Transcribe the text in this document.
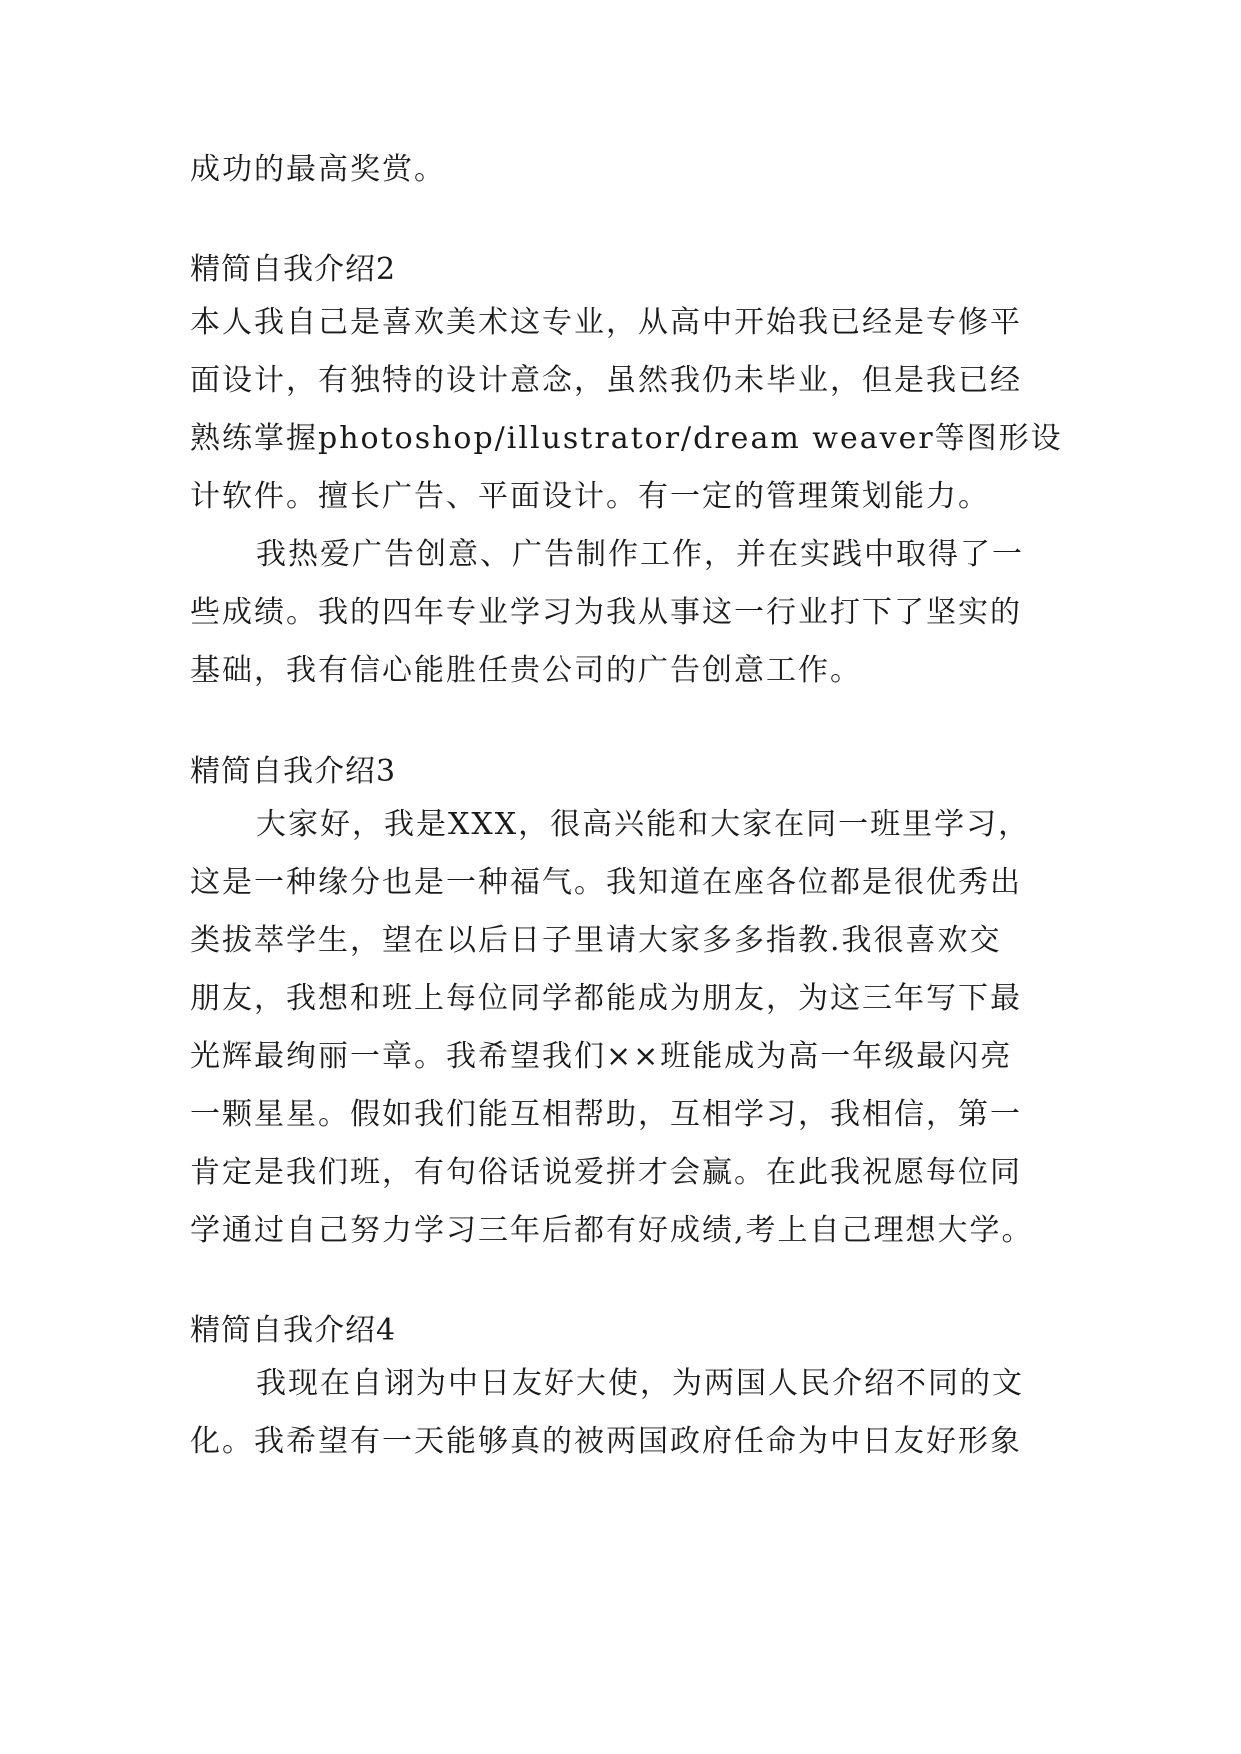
成功的最高奖赏。
精简自我介绍2
本人我自己是喜欢美术这专业，从高中开始我已经是专修平
面设计，有独特的设计意念，虽然我仍未毕业，但是我已经
熟练掌握photoshop/illustrator/dream weaver等图形设
计软件。擅长广告、平面设计。有一定的管理策划能力。
我热爱广告创意、广告制作工作，并在实践中取得了一
些成绩。我的四年专业学习为我从事这一行业打下了坚实的
基础，我有信心能胜任贵公司的广告创意工作。
精简自我介绍3
大家好，我是XXX，很高兴能和大家在同一班里学习，
这是一种缘分也是一种福气。我知道在座各位都是很优秀出
类拔萃学生，望在以后日子里请大家多多指教.我很喜欢交
朋友，我想和班上每位同学都能成为朋友，为这三年写下最
光辉最绚丽一章。我希望我们××班能成为高一年级最闪亮
一颗星星。假如我们能互相帮助，互相学习，我相信，第一
肯定是我们班，有句俗话说爱拼才会赢。在此我祝愿每位同
学通过自己努力学习三年后都有好成绩,考上自己理想大学。
精简自我介绍4
我现在自诩为中日友好大使，为两国人民介绍不同的文
化。我希望有一天能够真的被两国政府任命为中日友好形象
